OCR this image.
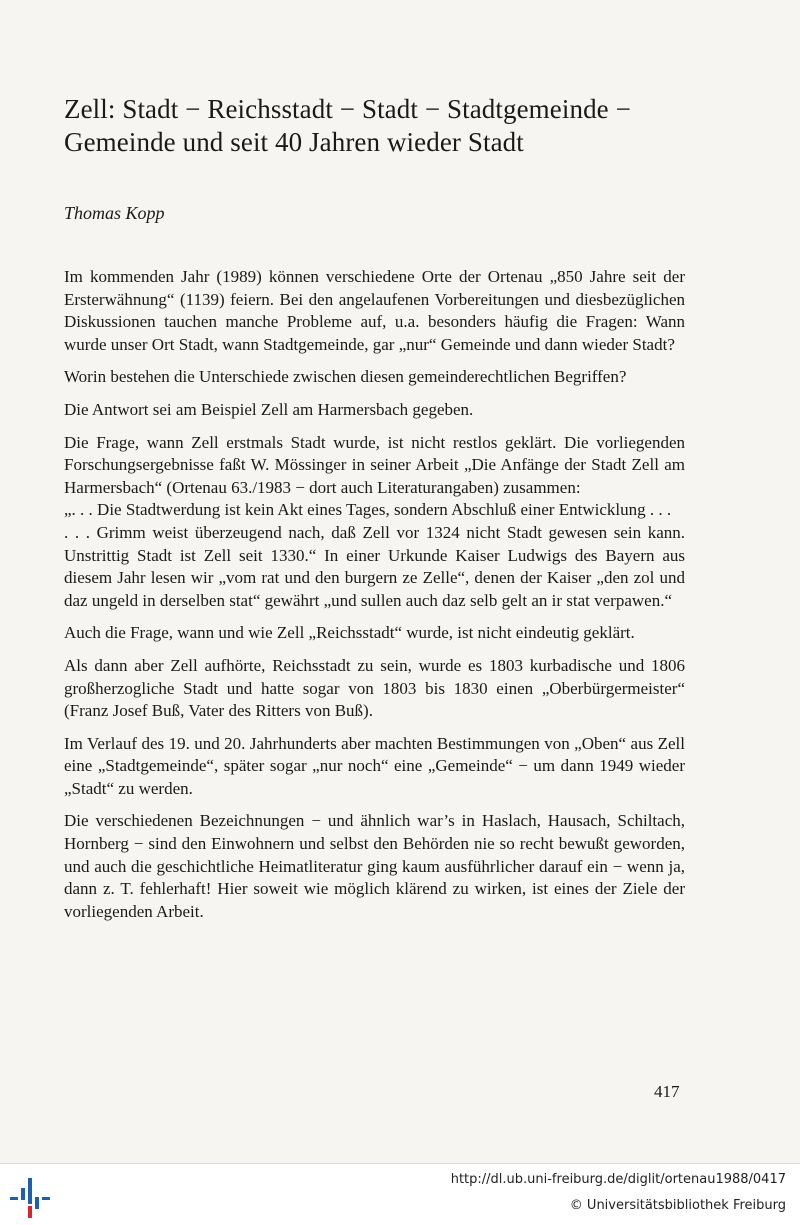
Zell: Stadt − Reichsstadt − Stadt − Stadtgemeinde − Gemeinde und seit 40 Jahren wieder Stadt

Thomas Kopp

Im kommenden Jahr (1989) können verschiedene Orte der Ortenau „850 Jahre seit der Ersterwähnung“ (1139) feiern. Bei den angelaufenen Vorbereitungen und diesbezüglichen Diskussionen tauchen manche Probleme auf, u.a. besonders häufig die Fragen: Wann wurde unser Ort Stadt, wann Stadtgemeinde, gar „nur“ Gemeinde und dann wieder Stadt?

Worin bestehen die Unterschiede zwischen diesen gemeinderechtlichen Begriffen?

Die Antwort sei am Beispiel Zell am Harmersbach gegeben.

Die Frage, wann Zell erstmals Stadt wurde, ist nicht restlos geklärt. Die vorliegenden Forschungsergebnisse faßt W. Mössinger in seiner Arbeit „Die Anfänge der Stadt Zell am Harmersbach“ (Ortenau 63./1983 − dort auch Literaturangaben) zusammen:

„. . . Die Stadtwerdung ist kein Akt eines Tages, sondern Abschluß einer Entwicklung . . .

. . . Grimm weist überzeugend nach, daß Zell vor 1324 nicht Stadt gewesen sein kann. Unstrittig Stadt ist Zell seit 1330.“ In einer Urkunde Kaiser Ludwigs des Bayern aus diesem Jahr lesen wir „vom rat und den burgern ze Zelle“, denen der Kaiser „den zol und daz ungeld in derselben stat“ gewährt „und sullen auch daz selb gelt an ir stat verpawen.“

Auch die Frage, wann und wie Zell „Reichsstadt“ wurde, ist nicht eindeutig geklärt.

Als dann aber Zell aufhörte, Reichsstadt zu sein, wurde es 1803 kurbadische und 1806 großherzogliche Stadt und hatte sogar von 1803 bis 1830 einen „Oberbürgermeister“ (Franz Josef Buß, Vater des Ritters von Buß).

Im Verlauf des 19. und 20. Jahrhunderts aber machten Bestimmungen von „Oben“ aus Zell eine „Stadtgemeinde“, später sogar „nur noch“ eine „Gemeinde“ − um dann 1949 wieder „Stadt“ zu werden.

Die verschiedenen Bezeichnungen − und ähnlich war’s in Haslach, Hausach, Schiltach, Hornberg − sind den Einwohnern und selbst den Behörden nie so recht bewußt geworden, und auch die geschichtliche Heimatliteratur ging kaum ausführlicher darauf ein − wenn ja, dann z. T. fehlerhaft! Hier soweit wie möglich klärend zu wirken, ist eines der Ziele der vorliegenden Arbeit.

417

http://dl.ub.uni-freiburg.de/diglit/ortenau1988/0417
© Universitätsbibliothek Freiburg
